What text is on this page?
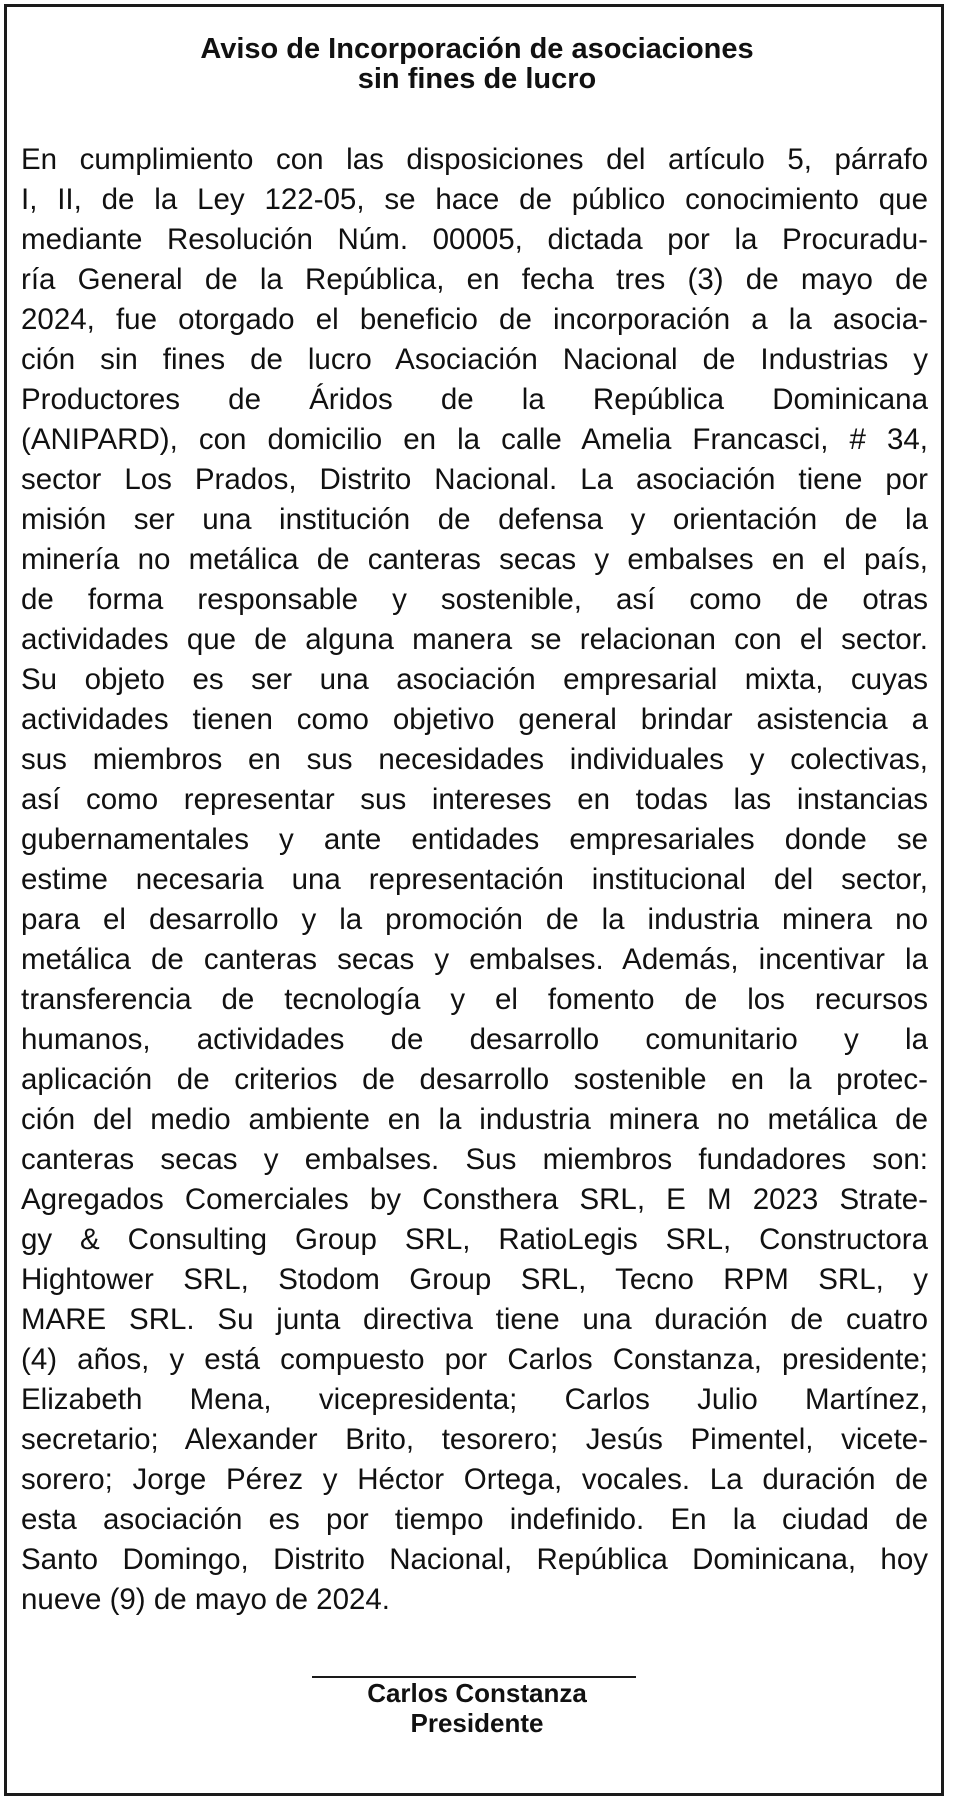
Aviso de Incorporación de asociaciones
sin fines de lucro
En cumplimiento con las disposiciones del artículo 5, párrafo
I, II, de la Ley 122-05, se hace de público conocimiento que
mediante Resolución Núm. 00005, dictada por la Procuradu-
ría General de la República, en fecha tres (3) de mayo de
2024, fue otorgado el beneficio de incorporación a la asocia-
ción sin fines de lucro Asociación Nacional de Industrias y
Productores de Áridos de la República Dominicana
(ANIPARD), con domicilio en la calle Amelia Francasci, # 34,
sector Los Prados, Distrito Nacional. La asociación tiene por
misión ser una institución de defensa y orientación de la
minería no metálica de canteras secas y embalses en el país,
de forma responsable y sostenible, así como de otras
actividades que de alguna manera se relacionan con el sector.
Su objeto es ser una asociación empresarial mixta, cuyas
actividades tienen como objetivo general brindar asistencia a
sus miembros en sus necesidades individuales y colectivas,
así como representar sus intereses en todas las instancias
gubernamentales y ante entidades empresariales donde se
estime necesaria una representación institucional del sector,
para el desarrollo y la promoción de la industria minera no
metálica de canteras secas y embalses. Además, incentivar la
transferencia de tecnología y el fomento de los recursos
humanos, actividades de desarrollo comunitario y la
aplicación de criterios de desarrollo sostenible en la protec-
ción del medio ambiente en la industria minera no metálica de
canteras secas y embalses. Sus miembros fundadores son:
Agregados Comerciales by Consthera SRL, E M 2023 Strate-
gy & Consulting Group SRL, RatioLegis SRL, Constructora
Hightower SRL, Stodom Group SRL, Tecno RPM SRL, y
MARE SRL. Su junta directiva tiene una duración de cuatro
(4) años, y está compuesto por Carlos Constanza, presidente;
Elizabeth Mena, vicepresidenta; Carlos Julio Martínez,
secretario; Alexander Brito, tesorero; Jesús Pimentel, vicete-
sorero; Jorge Pérez y Héctor Ortega, vocales. La duración de
esta asociación es por tiempo indefinido. En la ciudad de
Santo Domingo, Distrito Nacional, República Dominicana, hoy
nueve (9) de mayo de 2024.
Carlos Constanza
Presidente
